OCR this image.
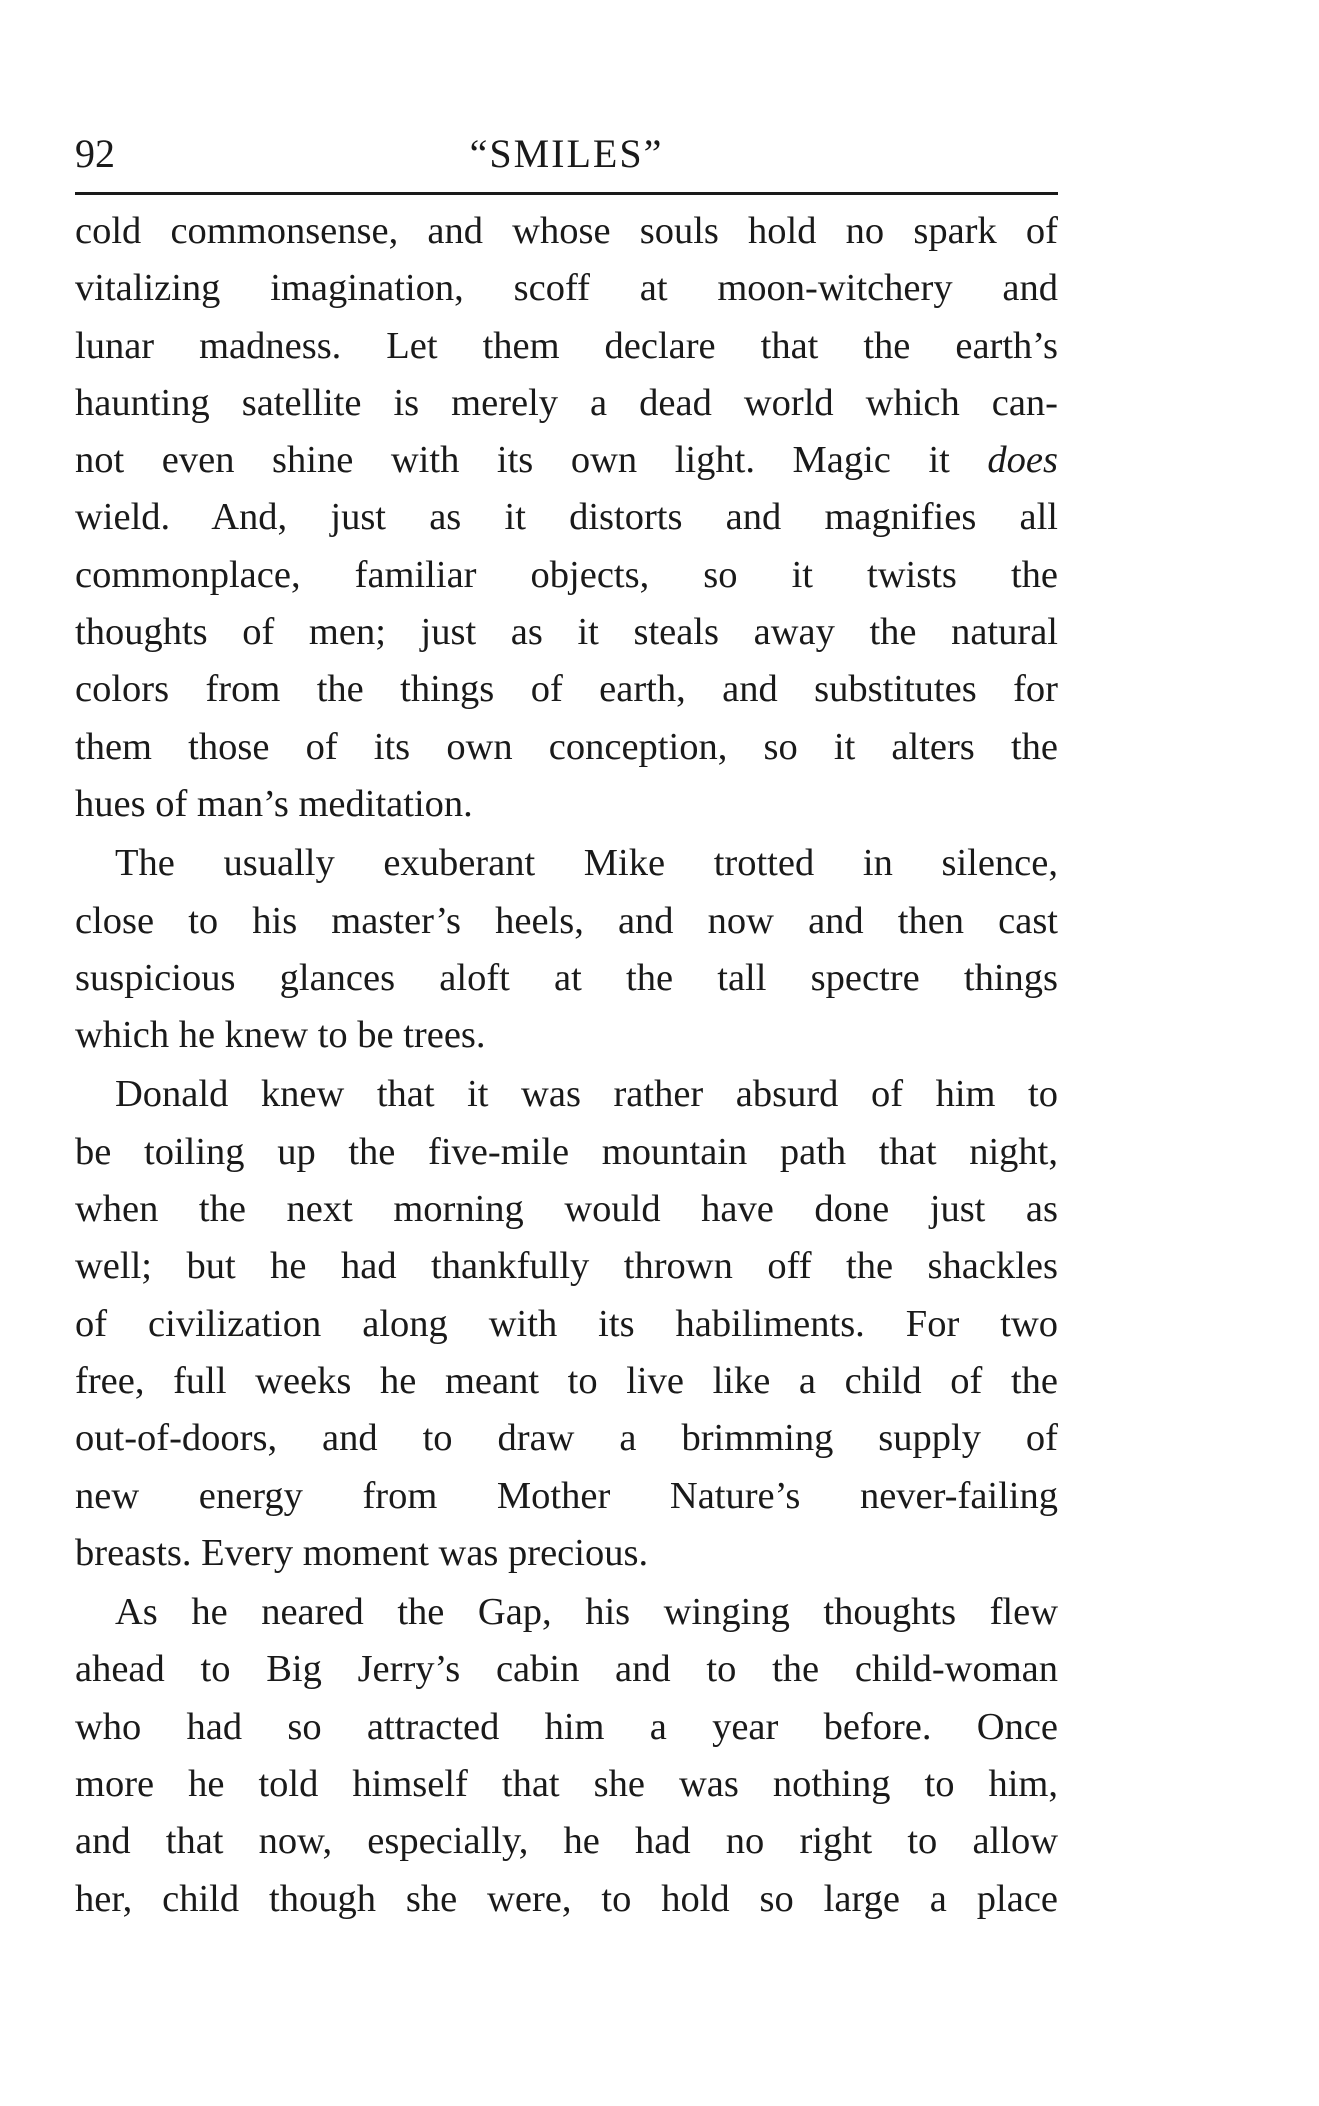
92	“SMILES”
cold commonsense, and whose souls hold no spark of
vitalizing imagination, scoff at moon-witchery and
lunar madness. Let them declare that the earth’s
haunting satellite is merely a dead world which can-
not even shine with its own light. Magic it does
wield. And, just as it distorts and magnifies all
commonplace, familiar objects, so it twists the
thoughts of men; just as it steals away the natural
colors from the things of earth, and substitutes for
them those of its own conception, so it alters the
hues of man’s meditation.
The usually exuberant Mike trotted in silence,
close to his master’s heels, and now and then cast
suspicious glances aloft at the tall spectre things
which he knew to be trees.
Donald knew that it was rather absurd of him to
be toiling up the five-mile mountain path that night,
when the next morning would have done just as
well; but he had thankfully thrown off the shackles
of civilization along with its habiliments. For two
free, full weeks he meant to live like a child of the
out-of-doors, and to draw a brimming supply of
new energy from Mother Nature’s never-failing
breasts. Every moment was precious.
As he neared the Gap, his winging thoughts flew
ahead to Big Jerry’s cabin and to the child-woman
who had so attracted him a year before. Once
more he told himself that she was nothing to him,
and that now, especially, he had no right to allow
her, child though she were, to hold so large a place
